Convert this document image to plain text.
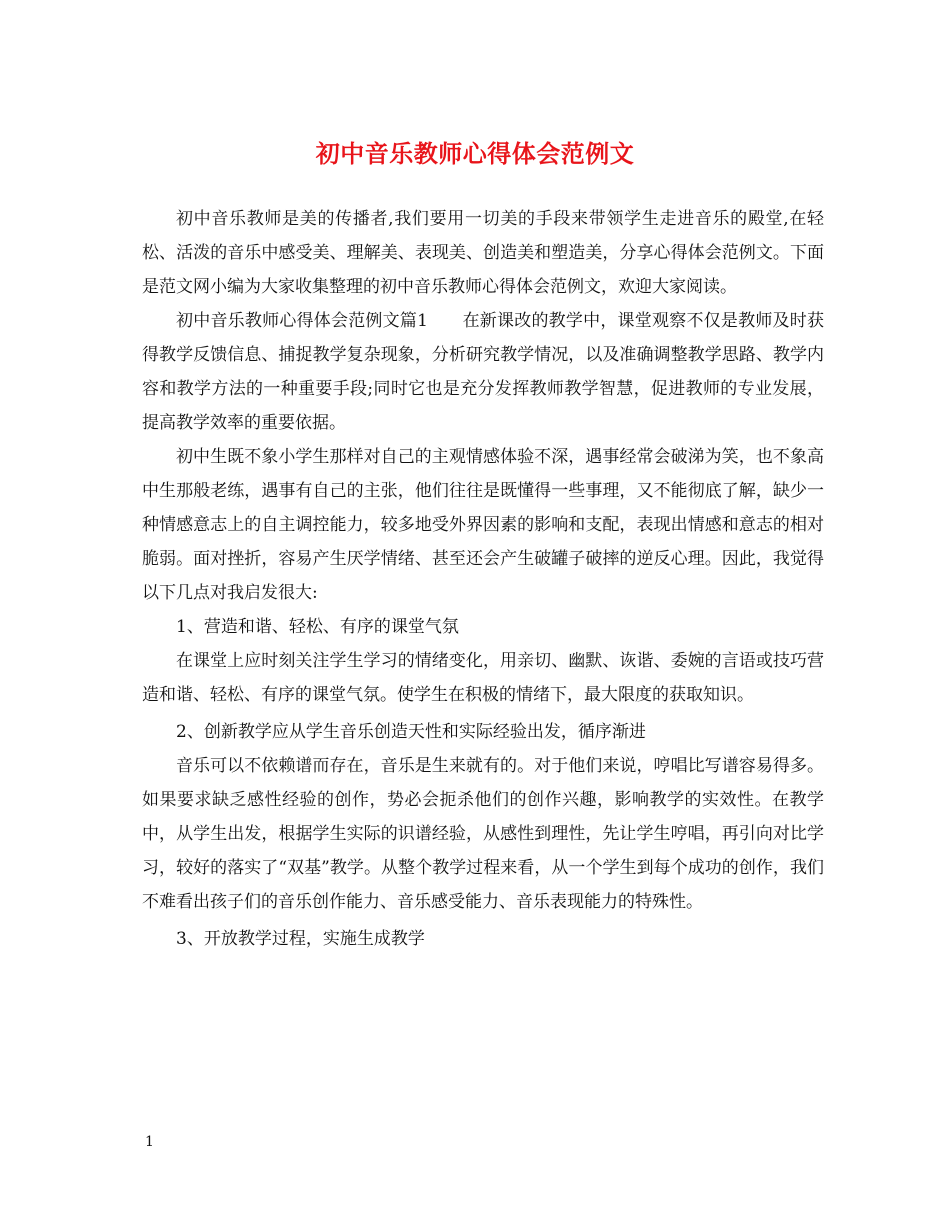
初中音乐教师心得体会范例文

初中音乐教师是美的传播者,我们要用一切美的手段来带领学生走进音乐的殿堂,在轻松、活泼的音乐中感受美、理解美、表现美、创造美和塑造美，分享心得体会范例文。下面是范文网小编为大家收集整理的初中音乐教师心得体会范例文，欢迎大家阅读。

初中音乐教师心得体会范例文篇1　　在新课改的教学中，课堂观察不仅是教师及时获得教学反馈信息、捕捉教学复杂现象，分析研究教学情况，以及准确调整教学思路、教学内容和教学方法的一种重要手段;同时它也是充分发挥教师教学智慧，促进教师的专业发展，提高教学效率的重要依据。

初中生既不象小学生那样对自己的主观情感体验不深，遇事经常会破涕为笑，也不象高中生那般老练，遇事有自己的主张，他们往往是既懂得一些事理，又不能彻底了解，缺少一种情感意志上的自主调控能力，较多地受外界因素的影响和支配，表现出情感和意志的相对脆弱。面对挫折，容易产生厌学情绪、甚至还会产生破罐子破摔的逆反心理。因此，我觉得以下几点对我启发很大:

1、营造和谐、轻松、有序的课堂气氛

在课堂上应时刻关注学生学习的情绪变化，用亲切、幽默、诙谐、委婉的言语或技巧营造和谐、轻松、有序的课堂气氛。使学生在积极的情绪下，最大限度的获取知识。

2、创新教学应从学生音乐创造天性和实际经验出发，循序渐进

音乐可以不依赖谱而存在，音乐是生来就有的。对于他们来说，哼唱比写谱容易得多。如果要求缺乏感性经验的创作，势必会扼杀他们的创作兴趣，影响教学的实效性。在教学中，从学生出发，根据学生实际的识谱经验，从感性到理性，先让学生哼唱，再引向对比学习，较好的落实了“双基”教学。从整个教学过程来看，从一个学生到每个成功的创作，我们不难看出孩子们的音乐创作能力、音乐感受能力、音乐表现能力的特殊性。

3、开放教学过程，实施生成教学

1
